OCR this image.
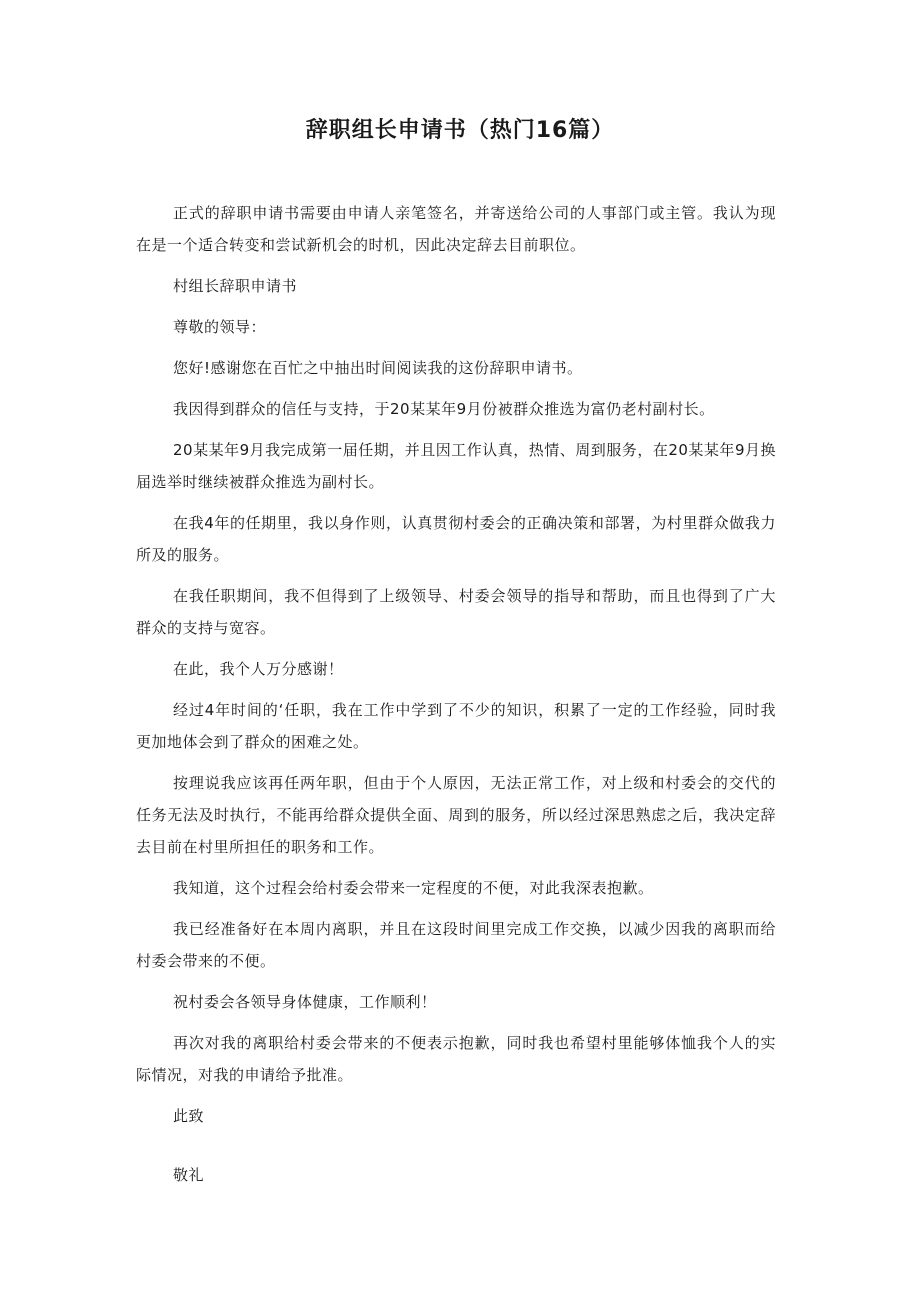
辞职组长申请书（热门16篇）

正式的辞职申请书需要由申请人亲笔签名，并寄送给公司的人事部门或主管。我认为现在是一个适合转变和尝试新机会的时机，因此决定辞去目前职位。

村组长辞职申请书

尊敬的领导：

您好!感谢您在百忙之中抽出时间阅读我的这份辞职申请书。

我因得到群众的信任与支持，于20某某年9月份被群众推选为富仍老村副村长。

20某某年9月我完成第一届任期，并且因工作认真，热情、周到服务，在20某某年9月换届选举时继续被群众推选为副村长。

在我4年的任期里，我以身作则，认真贯彻村委会的正确决策和部署，为村里群众做我力所及的服务。

在我任职期间，我不但得到了上级领导、村委会领导的指导和帮助，而且也得到了广大群众的支持与宽容。

在此，我个人万分感谢！

经过4年时间的‘任职，我在工作中学到了不少的知识，积累了一定的工作经验，同时我更加地体会到了群众的困难之处。

按理说我应该再任两年职，但由于个人原因，无法正常工作，对上级和村委会的交代的任务无法及时执行，不能再给群众提供全面、周到的服务，所以经过深思熟虑之后，我决定辞去目前在村里所担任的职务和工作。

我知道，这个过程会给村委会带来一定程度的不便，对此我深表抱歉。

我已经准备好在本周内离职，并且在这段时间里完成工作交换，以减少因我的离职而给村委会带来的不便。

祝村委会各领导身体健康，工作顺利！

再次对我的离职给村委会带来的不便表示抱歉，同时我也希望村里能够体恤我个人的实际情况，对我的申请给予批准。

此致

敬礼
